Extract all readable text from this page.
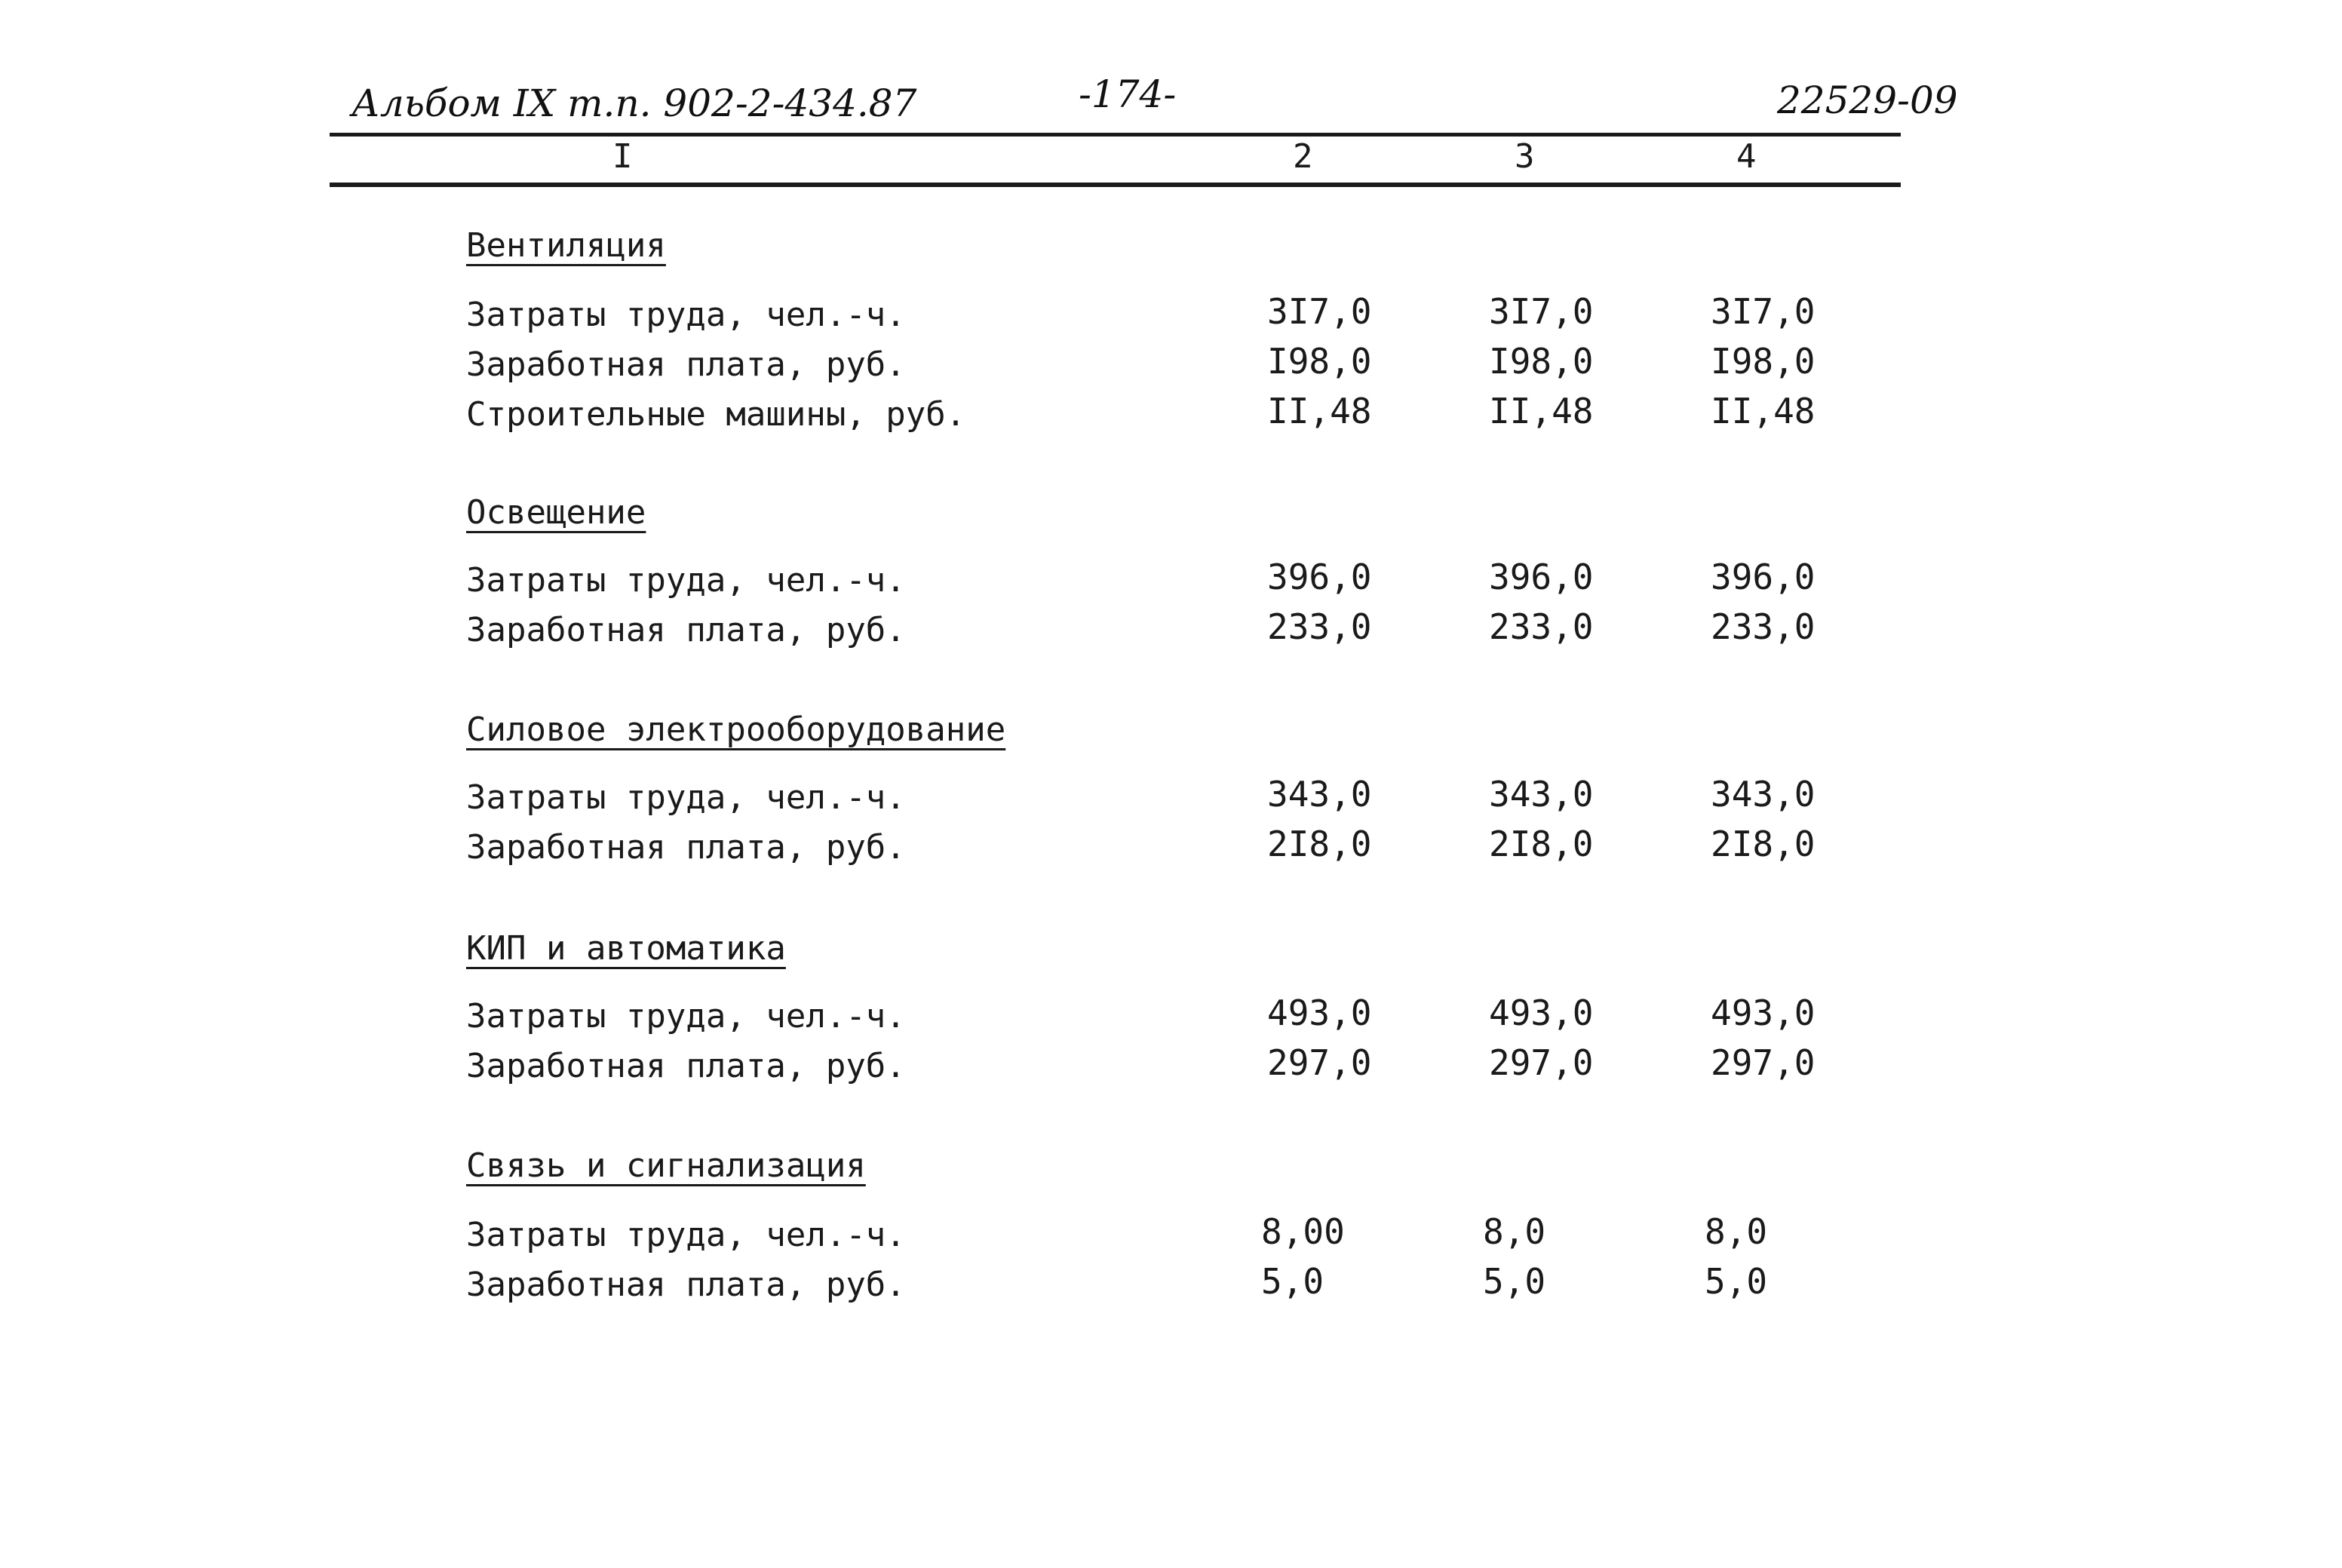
Альбом IX т.п. 902-2-434.87	-174-	22529-09
I	2	3	4
Вентиляция
Затраты труда, чел.-ч.	3I7,0	3I7,0	3I7,0
Заработная плата, руб.	I98,0	I98,0	I98,0
Строительные машины, руб.	II,48	II,48	II,48
Освещение
Затраты труда, чел.-ч.	396,0	396,0	396,0
Заработная плата, руб.	233,0	233,0	233,0
Силовое электрооборудование
Затраты труда, чел.-ч.	343,0	343,0	343,0
Заработная плата, руб.	2I8,0	2I8,0	2I8,0
КИП и автоматика
Затраты труда, чел.-ч.	493,0	493,0	493,0
Заработная плата, руб.	297,0	297,0	297,0
Связь и сигнализация
Затраты труда, чел.-ч.	8,00	8,0	8,0
Заработная плата, руб.	5,0	5,0	5,0
